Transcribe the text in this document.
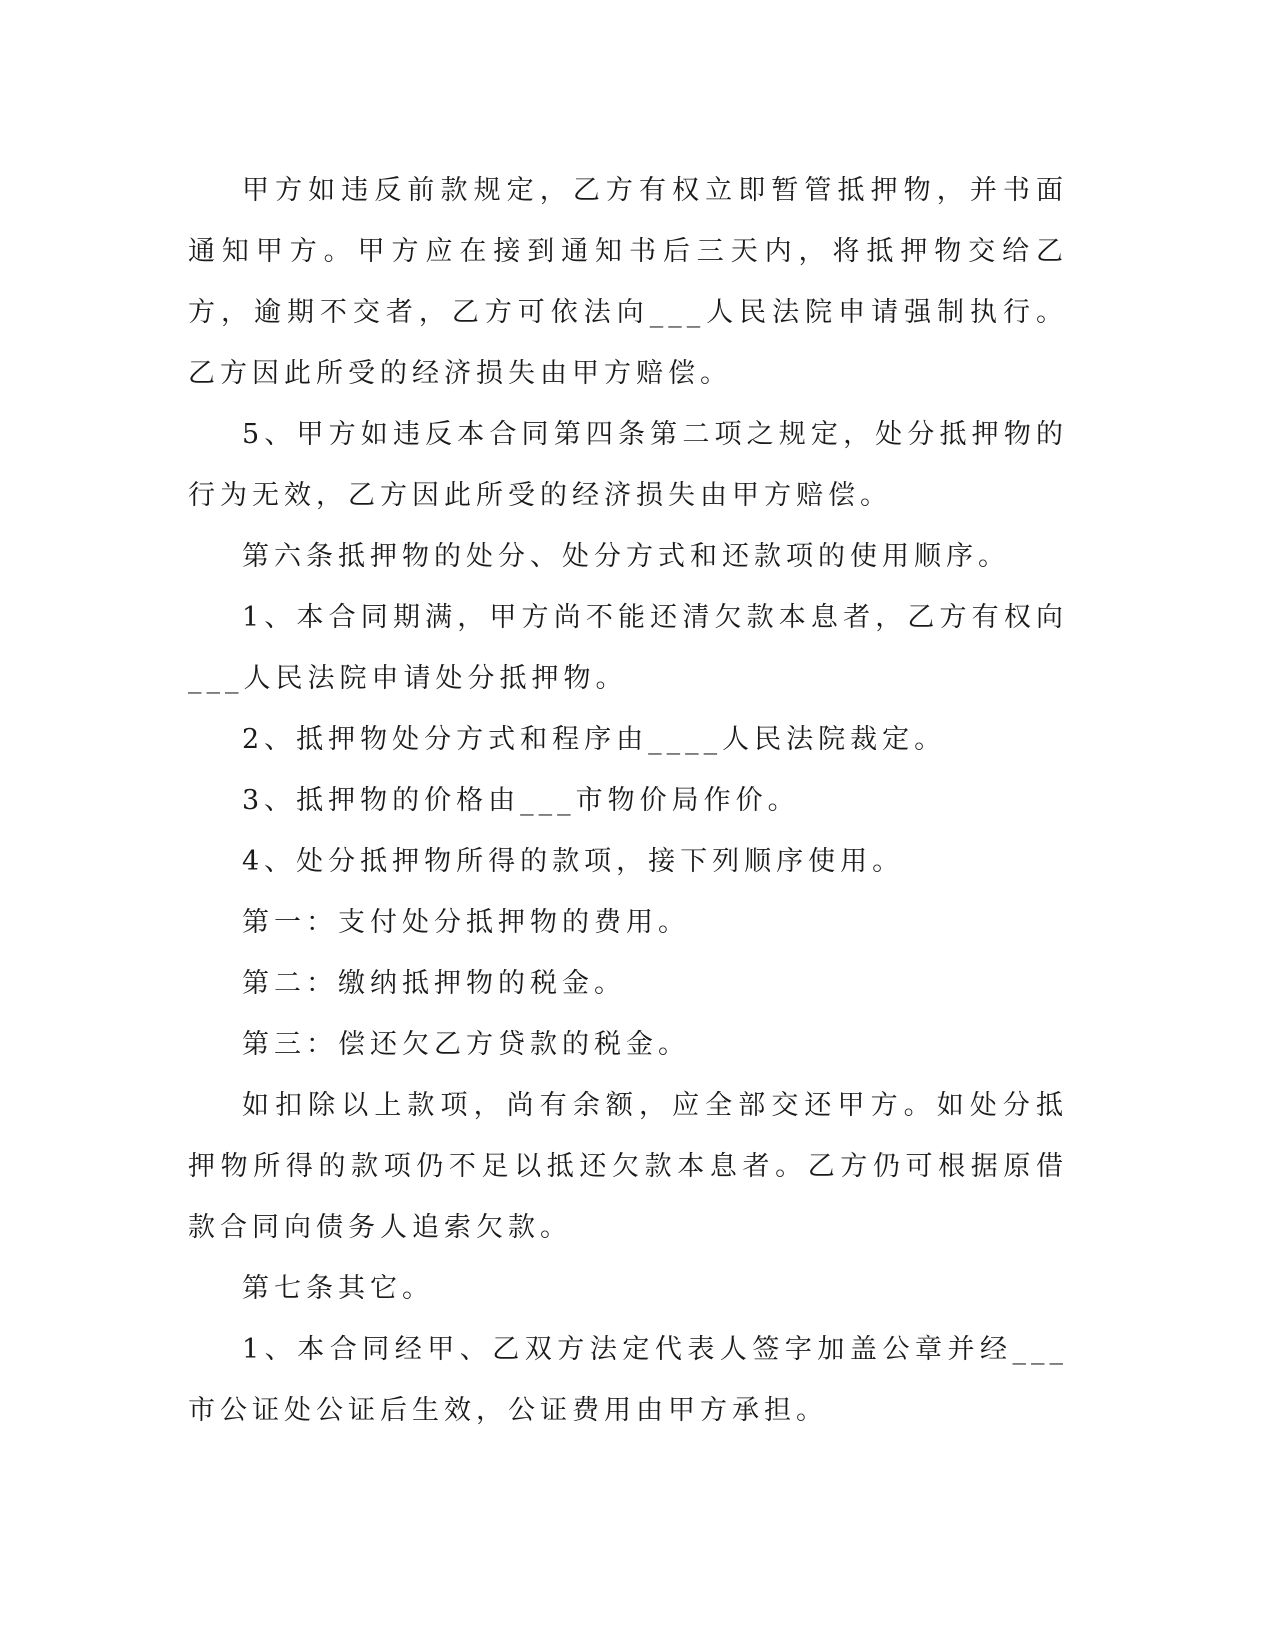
甲方如违反前款规定，乙方有权立即暂管抵押物，并书面通知甲方。甲方应在接到通知书后三天内，将抵押物交给乙方，逾期不交者，乙方可依法向___人民法院申请强制执行。乙方因此所受的经济损失由甲方赔偿。

5、甲方如违反本合同第四条第二项之规定，处分抵押物的行为无效，乙方因此所受的经济损失由甲方赔偿。

第六条抵押物的处分、处分方式和还款项的使用顺序。

1、本合同期满，甲方尚不能还清欠款本息者，乙方有权向___人民法院申请处分抵押物。

2、抵押物处分方式和程序由____人民法院裁定。

3、抵押物的价格由___市物价局作价。

4、处分抵押物所得的款项，接下列顺序使用。

第一：支付处分抵押物的费用。

第二：缴纳抵押物的税金。

第三：偿还欠乙方贷款的税金。

如扣除以上款项，尚有余额，应全部交还甲方。如处分抵押物所得的款项仍不足以抵还欠款本息者。乙方仍可根据原借款合同向债务人追索欠款。

第七条其它。

1、本合同经甲、乙双方法定代表人签字加盖公章并经___市公证处公证后生效，公证费用由甲方承担。
